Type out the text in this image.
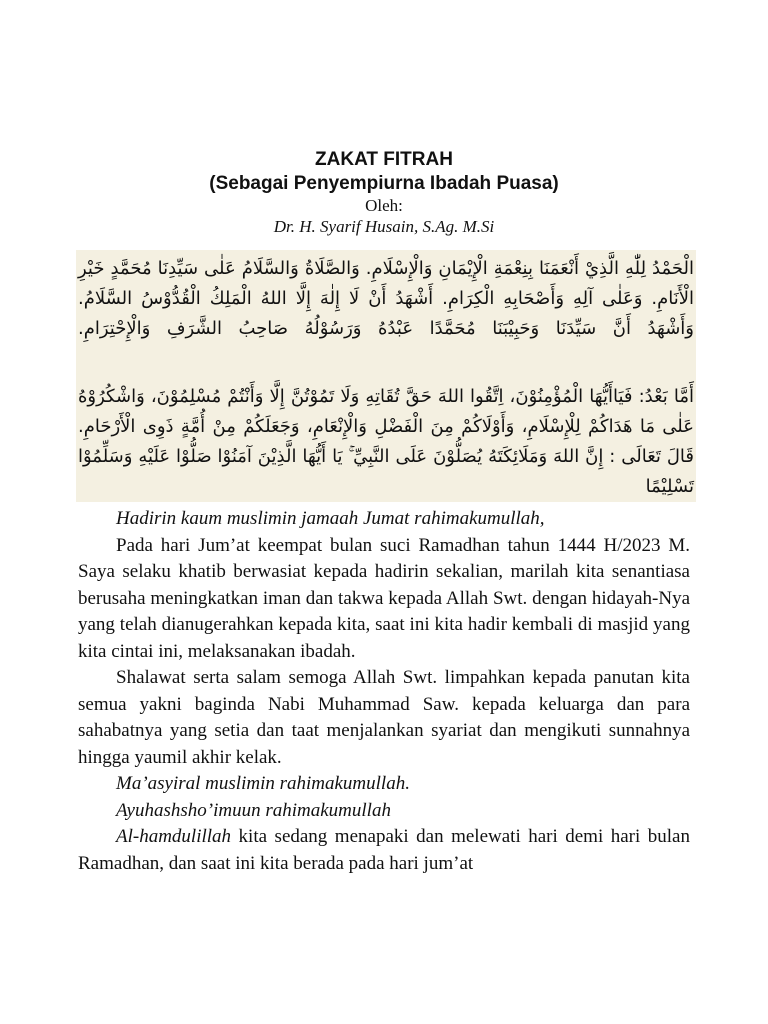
ZAKAT FITRAH
(Sebagai Penyempiurna Ibadah Puasa)
Oleh:
Dr. H. Syarif Husain, S.Ag. M.Si
الْحَمْدُ لِلّٰهِ الَّذِيْ أَنْعَمَنَا بِنِعْمَةِ الْإِيْمَانِ وَالْإِسْلَامِ. وَالصَّلَاةُ وَالسَّلَامُ عَلٰى سَيِّدِنَا مُحَمَّدٍ خَيْرِ الْأَنَامِ. وَعَلٰى آلِهِ وَأَصْحَابِهِ الْكِرَامِ. أَشْهَدُ أَنْ لَا إِلٰهَ إِلَّا اللهُ الْمَلِكُ الْقُدُّوْسُ السَّلَامُ. وَأَشْهَدُ أَنَّ سَيِّدَنَا وَحَبِيْبَنَا مُحَمَّدًا عَبْدُهُ وَرَسُوْلُهُ صَاحِبُ الشَّرَفِ وَالْإِحْتِرَامِ.
أَمَّا بَعْدُ: فَيَاأَيُّهَا الْمُؤْمِنُوْنَ، اِتَّقُوا اللهَ حَقَّ تُقَاتِهِ وَلَا تَمُوْتُنَّ إِلَّا وَأَنْتُمْ مُسْلِمُوْنَ، وَاشْكُرُوْهُ عَلٰى مَا هَدَاكُمْ لِلْإِسْلَامِ، وَأَوْلَاكُمْ مِنَ الْفَضْلِ وَالْإِنْعَامِ، وَجَعَلَكُمْ مِنْ أُمَّةٍ ذَوِى الْأَرْحَامِ. قَالَ تَعَالَى : إِنَّ اللهَ وَمَلَائِكَتَهُ يُصَلُّوْنَ عَلَى النَّبِيِّ ۚ يَا أَيُّهَا الَّذِيْنَ آمَنُوْا صَلُّوْا عَلَيْهِ وَسَلِّمُوْا تَسْلِيْمًا

Hadirin kaum muslimin jamaah Jumat rahimakumullah,

Pada hari Jum’at keempat bulan suci Ramadhan tahun 1444 H/2023 M. Saya selaku khatib berwasiat kepada hadirin sekalian, marilah kita senantiasa berusaha meningkatkan iman dan takwa kepada Allah Swt. dengan hidayah-Nya yang telah dianugerahkan kepada kita, saat ini kita hadir kembali di masjid yang kita cintai ini, melaksanakan ibadah.

Shalawat serta salam semoga Allah Swt. limpahkan kepada panutan kita semua yakni baginda Nabi Muhammad Saw. kepada keluarga dan para sahabatnya yang setia dan taat menjalankan syariat dan mengikuti sunnahnya hingga yaumil akhir kelak.

Ma’asyiral muslimin rahimakumullah.

Ayuhashsho’imuun rahimakumullah

Al-hamdulillah kita sedang menapaki dan melewati hari demi hari bulan Ramadhan, dan saat ini kita berada pada hari jum’at
